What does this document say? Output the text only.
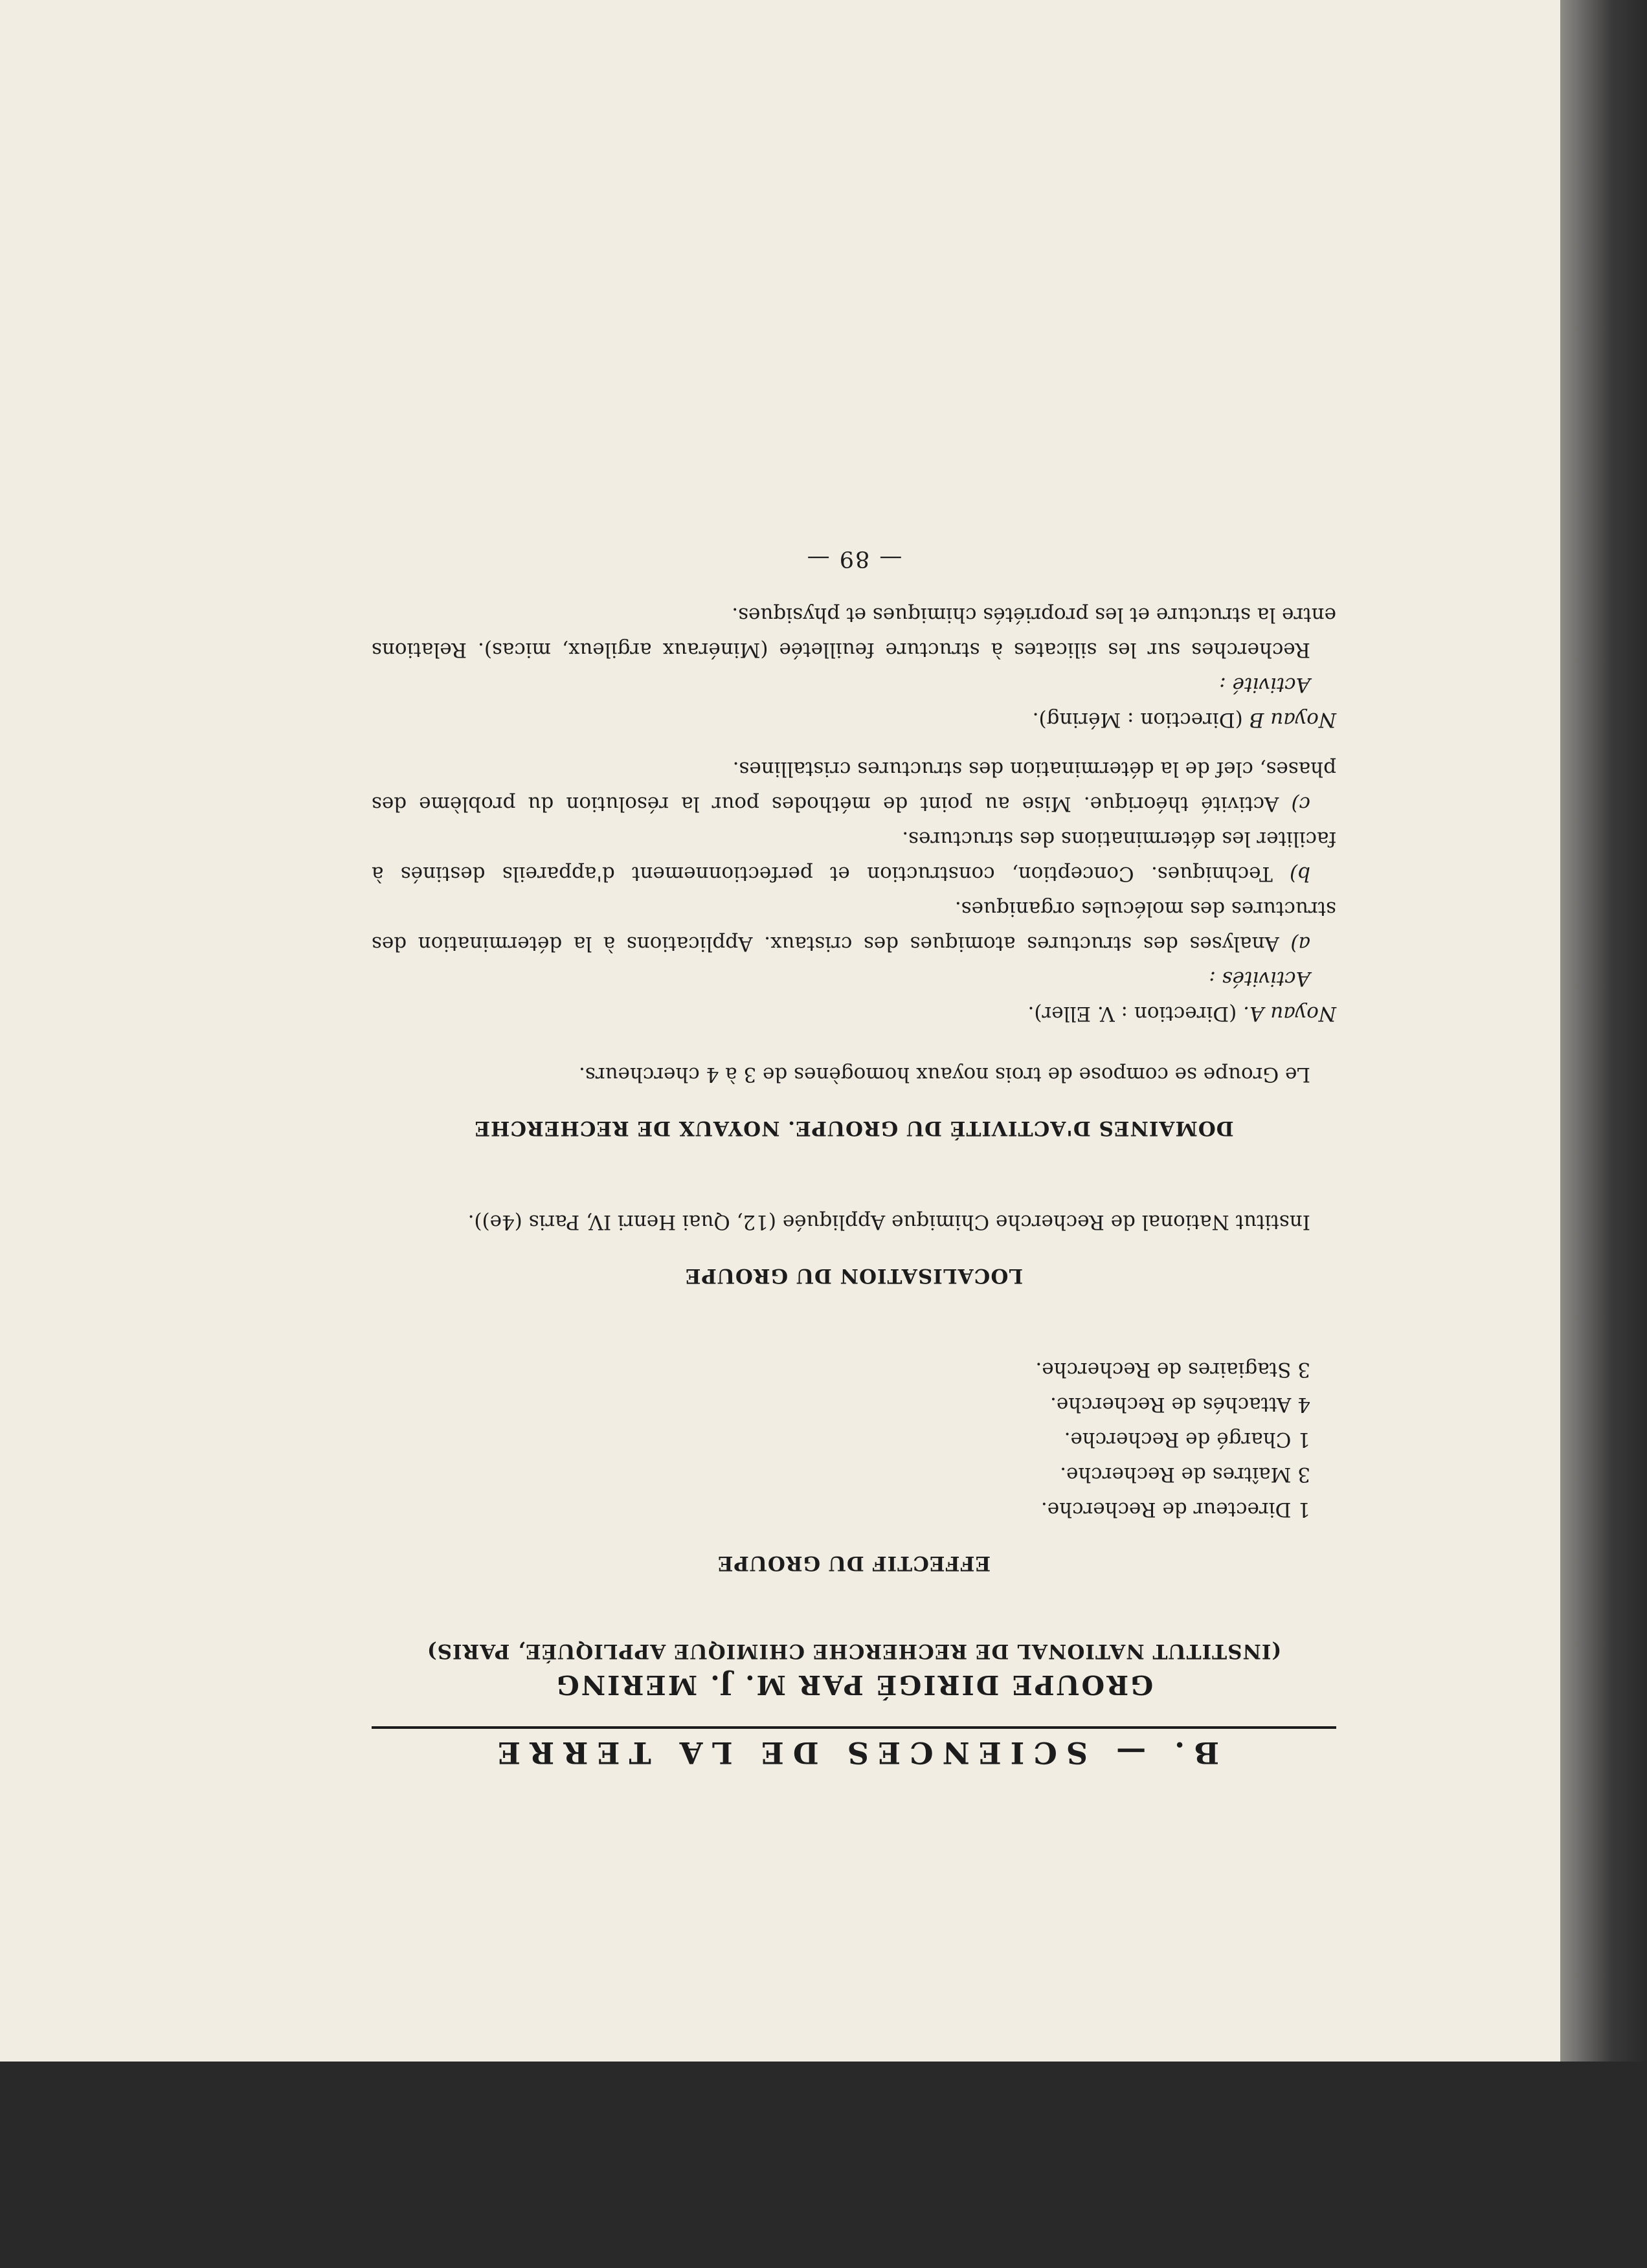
B. — SCIENCES DE LA TERRE
GROUPE DIRIGÉ PAR M. J. MERING
(INSTITUT NATIONAL DE RECHERCHE CHIMIQUE APPLIQUÉE, PARIS)
EFFECTIF DU GROUPE
1 Directeur de Recherche.
3 Maîtres de Recherche.
1 Chargé de Recherche.
4 Attachés de Recherche.
3 Stagiaires de Recherche.
LOCALISATION DU GROUPE

Institut National de Recherche Chimique Appliquée (12, Quai Henri IV, Paris (4e)).

DOMAINES D'ACTIVITÉ DU GROUPE. NOYAUX DE RECHERCHE

Le Groupe se compose de trois noyaux homogènes de 3 à 4 chercheurs.

Noyau A. (Direction : V. Eller).

Activités :

a) Analyses des structures atomiques des cristaux. Applications à la détermination des structures des molécules organiques.

b) Techniques. Conception, construction et perfectionnement d'appareils destinés à faciliter les déterminations des structures.

c) Activité théorique. Mise au point de méthodes pour la résolution du problème des phases, clef de la détermination des structures cristallines.

Noyau B (Direction : Méring).

Activité :

Recherches sur les silicates à structure feuilletée (Minéraux argileux, micas). Relations entre la structure et les propriétés chimiques et physiques.

— 89 —
